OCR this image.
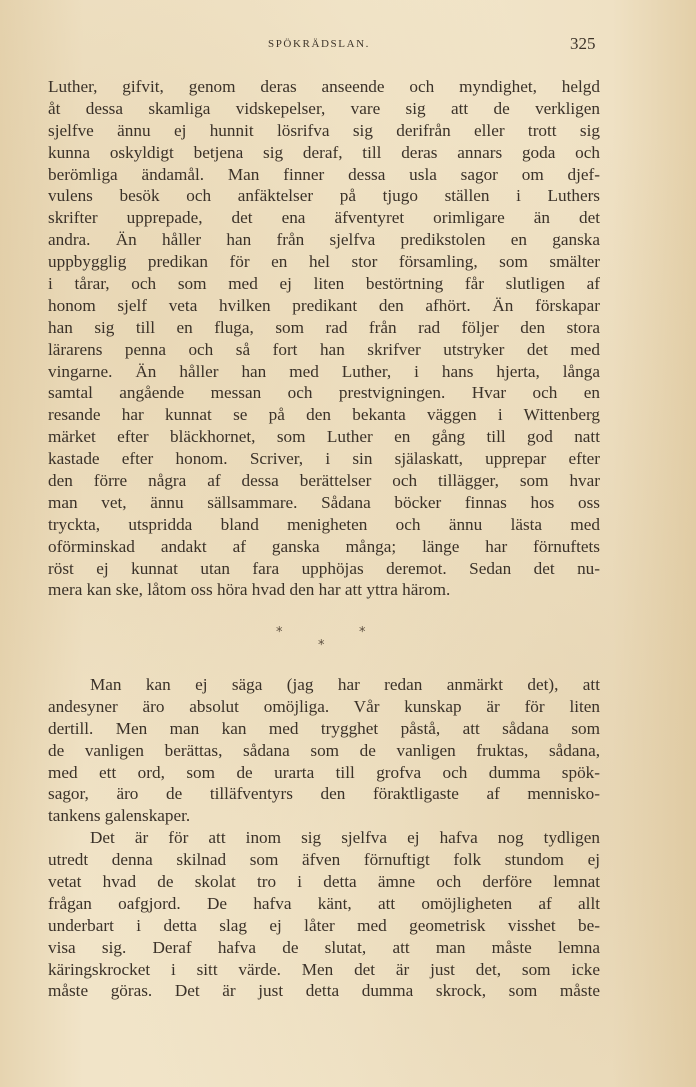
SPÖKRÄDSLAN.	325
Luther, gifvit, genom deras anseende och myndighet, helgd
åt dessa skamliga vidskepelser, vare sig att de verkligen
sjelfve ännu ej hunnit lösrifva sig derifrån eller trott sig
kunna oskyldigt betjena sig deraf, till deras annars goda och
berömliga ändamål. Man finner dessa usla sagor om djef-
vulens besök och anfäktelser på tjugo ställen i Luthers
skrifter upprepade, det ena äfventyret orimligare än det
andra. Än håller han från sjelfva predikstolen en ganska
uppbygglig predikan för en hel stor församling, som smälter
i tårar, och som med ej liten bestörtning får slutligen af
honom sjelf veta hvilken predikant den afhört. Än förskapar
han sig till en fluga, som rad från rad följer den stora
lärarens penna och så fort han skrifver utstryker det med
vingarne. Än håller han med Luther, i hans hjerta, långa
samtal angående messan och prestvigningen. Hvar och en
resande har kunnat se på den bekanta väggen i Wittenberg
märket efter bläckhornet, som Luther en gång till god natt
kastade efter honom. Scriver, i sin själaskatt, upprepar efter
den förre några af dessa berättelser och tillägger, som hvar
man vet, ännu sällsammare. Sådana böcker finnas hos oss
tryckta, utspridda bland menigheten och ännu lästa med
oförminskad andakt af ganska många; länge har förnuftets
röst ej kunnat utan fara upphöjas deremot. Sedan det nu-
mera kan ske, låtom oss höra hvad den har att yttra härom.
*	*
*
Man kan ej säga (jag har redan anmärkt det), att
andesyner äro absolut omöjliga. Vår kunskap är för liten
dertill. Men man kan med trygghet påstå, att sådana som
de vanligen berättas, sådana som de vanligen fruktas, sådana,
med ett ord, som de urarta till grofva och dumma spök-
sagor, äro de tilläfventyrs den föraktligaste af mennisko-
tankens galenskaper.
Det är för att inom sig sjelfva ej hafva nog tydligen
utredt denna skilnad som äfven förnuftigt folk stundom ej
vetat hvad de skolat tro i detta ämne och derföre lemnat
frågan oafgjord. De hafva känt, att omöjligheten af allt
underbart i detta slag ej låter med geometrisk visshet be-
visa sig. Deraf hafva de slutat, att man måste lemna
käringskrocket i sitt värde. Men det är just det, som icke
måste göras. Det är just detta dumma skrock, som måste
